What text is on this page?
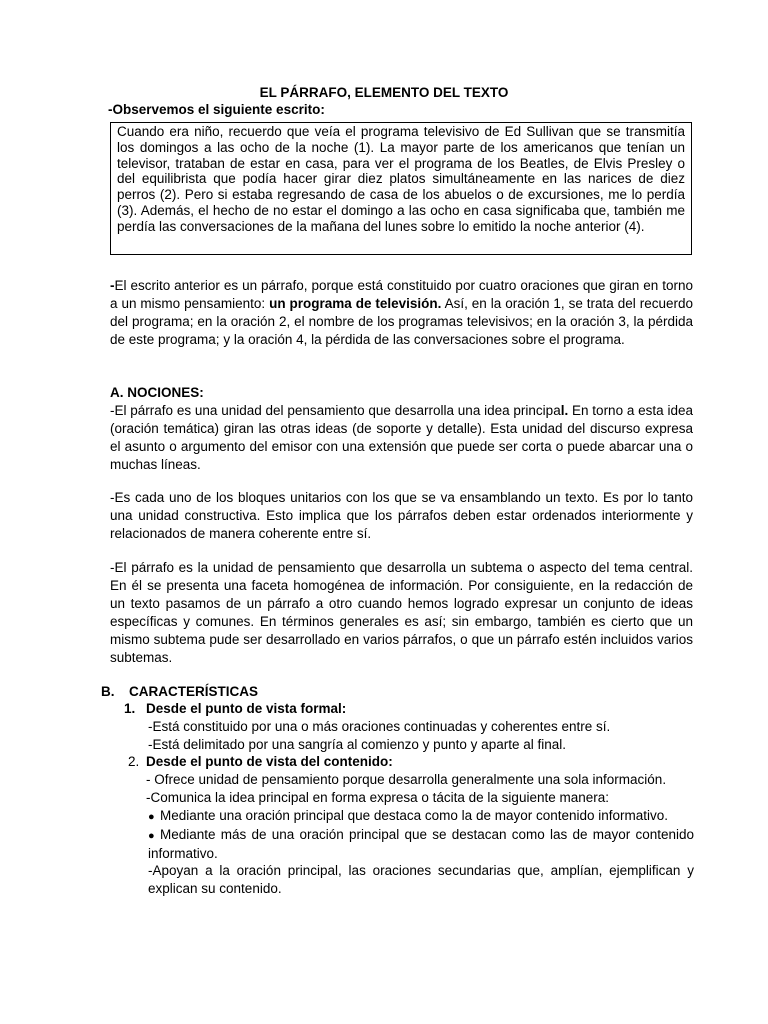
EL PÁRRAFO, ELEMENTO DEL TEXTO
-Observemos el siguiente escrito:
Cuando era niño, recuerdo que veía el programa televisivo de Ed Sullivan que se transmitía los domingos a las ocho de la noche (1). La mayor parte de los americanos que tenían un televisor, trataban de estar en casa, para ver el programa de los Beatles, de Elvis Presley o del equilibrista que podía hacer girar diez platos simultáneamente en las narices de diez perros (2). Pero si estaba regresando de casa de los abuelos o de excursiones, me lo perdía (3). Además, el hecho de no estar el domingo a las ocho en casa significaba que, también me perdía las conversaciones de la mañana del lunes sobre lo emitido la noche anterior (4).
-El escrito anterior es un párrafo, porque está constituido por cuatro oraciones que giran en torno a un mismo pensamiento: un programa de televisión. Así, en la oración 1, se trata del recuerdo del programa; en la oración 2, el nombre de los programas televisivos; en la oración 3, la pérdida de este programa; y la oración 4, la pérdida de las conversaciones sobre el programa.
A. NOCIONES:
-El párrafo es una unidad del pensamiento que desarrolla una idea principal. En torno a esta idea (oración temática) giran las otras ideas (de soporte y detalle). Esta unidad del discurso expresa el asunto o argumento del emisor con una extensión que puede ser corta o puede abarcar una o muchas líneas.
-Es cada uno de los bloques unitarios con los que se va ensamblando un texto. Es por lo tanto una unidad constructiva. Esto implica que los párrafos deben estar ordenados interiormente y relacionados de manera coherente entre sí.
-El párrafo es la unidad de pensamiento que desarrolla un subtema o aspecto del tema central. En él se presenta una faceta homogénea de información. Por consiguiente, en la redacción de un texto pasamos de un párrafo a otro cuando hemos logrado expresar un conjunto de ideas específicas y comunes. En términos generales es así; sin embargo, también es cierto que un mismo subtema pude ser desarrollado en varios párrafos, o que un párrafo estén incluidos varios subtemas.
B. CARACTERÍSTICAS
1. Desde el punto de vista formal:
-Está constituido por una o más oraciones continuadas y coherentes entre sí.
-Está delimitado por una sangría al comienzo y punto y aparte al final.
2. Desde el punto de vista del contenido:
- Ofrece unidad de pensamiento porque desarrolla generalmente una sola información.
-Comunica la idea principal en forma expresa o tácita de la siguiente manera:
● Mediante una oración principal que destaca como la de mayor contenido informativo.
● Mediante más de una oración principal que se destacan como las de mayor contenido informativo.
-Apoyan a la oración principal, las oraciones secundarias que, amplían, ejemplifican y explican su contenido.
